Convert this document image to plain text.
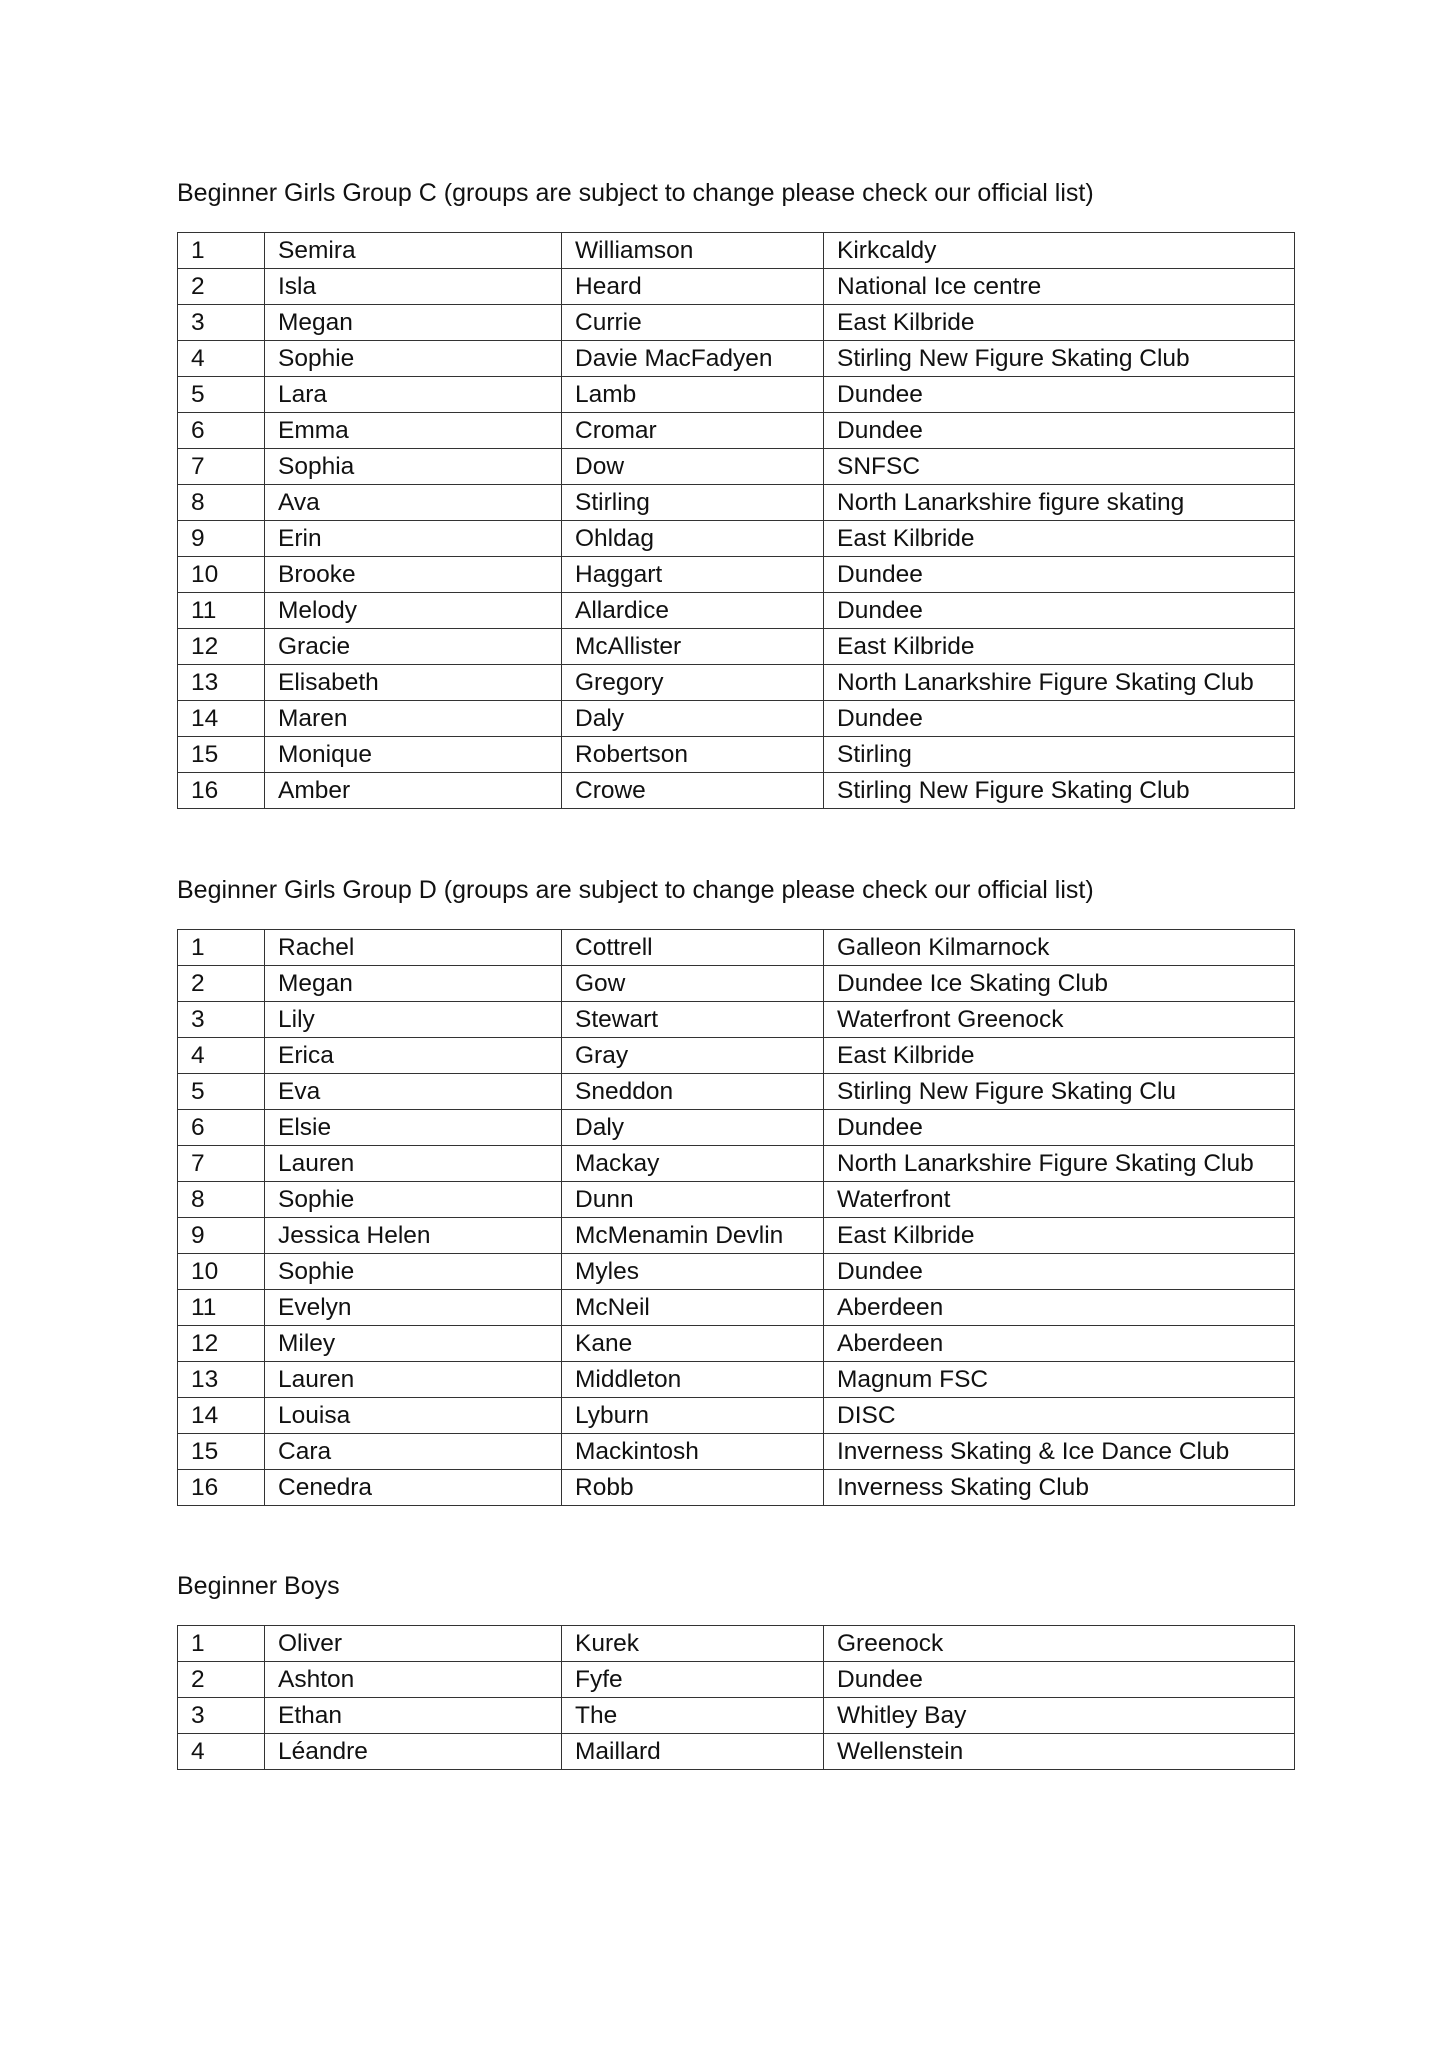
Beginner Girls Group C (groups are subject to change please check our official list)
1	Semira	Williamson	Kirkcaldy
2	Isla	Heard	National Ice centre
3	Megan	Currie	East Kilbride
4	Sophie	Davie MacFadyen	Stirling New Figure Skating Club
5	Lara	Lamb	Dundee
6	Emma	Cromar	Dundee
7	Sophia	Dow	SNFSC
8	Ava	Stirling	North Lanarkshire figure skating
9	Erin	Ohldag	East Kilbride
10	Brooke	Haggart	Dundee
11	Melody	Allardice	Dundee
12	Gracie	McAllister	East Kilbride
13	Elisabeth	Gregory	North Lanarkshire Figure Skating Club
14	Maren	Daly	Dundee
15	Monique	Robertson	Stirling
16	Amber	Crowe	Stirling New Figure Skating Club
Beginner Girls Group D (groups are subject to change please check our official list)
1	Rachel	Cottrell	Galleon Kilmarnock
2	Megan	Gow	Dundee Ice Skating Club
3	Lily	Stewart	Waterfront Greenock
4	Erica	Gray	East Kilbride
5	Eva	Sneddon	Stirling New Figure Skating Clu
6	Elsie	Daly	Dundee
7	Lauren	Mackay	North Lanarkshire Figure Skating Club
8	Sophie	Dunn	Waterfront
9	Jessica Helen	McMenamin Devlin	East Kilbride
10	Sophie	Myles	Dundee
11	Evelyn	McNeil	Aberdeen
12	Miley	Kane	Aberdeen
13	Lauren	Middleton	Magnum FSC
14	Louisa	Lyburn	DISC
15	Cara	Mackintosh	Inverness Skating & Ice Dance Club
16	Cenedra	Robb	Inverness Skating Club
Beginner Boys
1	Oliver	Kurek	Greenock
2	Ashton	Fyfe	Dundee
3	Ethan	The	Whitley Bay
4	Léandre	Maillard	Wellenstein
